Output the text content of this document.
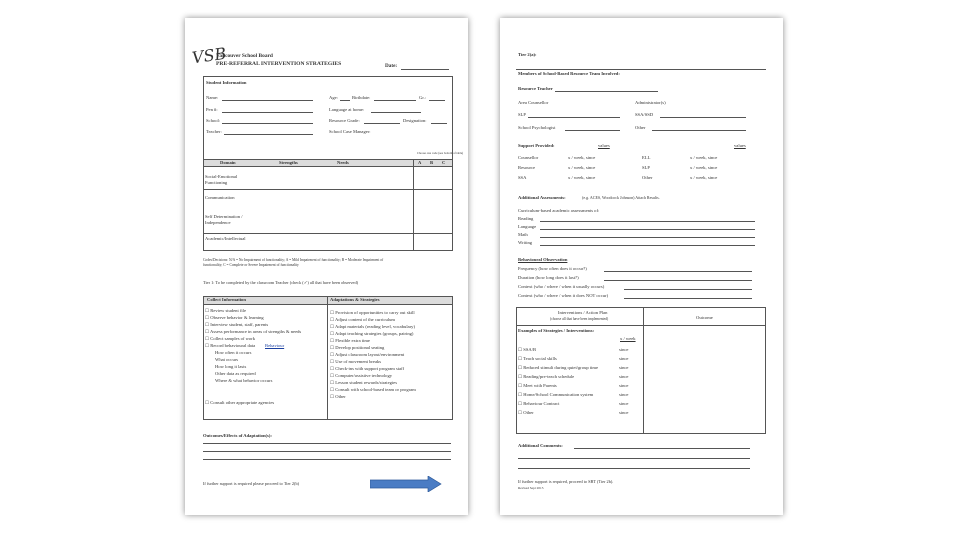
VSB
Vancouver School Board
PRE-REFERRAL INTERVENTION STRATEGIES	Date:
Student Information
Name:	Age:	Birthdate:	Gr.:
Pen #:	Language at home:
School:	Resource Grade:	Designation:
Teacher:	School Case Manager:
Choose one code (see bottom of table)
Domain	Strengths	Needs	A B C
Social-Emotional Functioning
Communication
Self Determination / Independence
Academic/Intellectual
Codes/Decisions: N/A = No Impairment of functionality; A = Mild Impairment of functionality; B = Moderate Impairment of
functionality; C = Complete or Severe Impairment of functionality
Tier 1: To be completed by the classroom Teacher (check (✓) all that have been observed)
Collect Information	Adaptations & Strategies
☐ Review student file
☐ Observe behavior & learning
☐ Interview student, staff, parents
☐ Assess performance in areas of strengths & needs
☐ Collect samples of work
☐ Record behavioural data Behaviour
How often it occurs
What occurs
How long it lasts
Other data as required
Where & what behavior occurs
☐ Consult other appropriate agencies
☐ Provision of opportunities to carry out skill
☐ Adjust content of the curriculum
☐ Adapt materials (reading level, vocabulary)
☐ Adapt teaching strategies (groups, pairing)
☐ Flexible extra time
☐ Develop positional seating
☐ Adjust classroom layout/environment
☐ Use of movement breaks
☐ Check-ins with support program staff
☐ Computer/assistive technology
☐ Lesson student rewards/strategies
☐ Consult with school-based team or program
☐ Other
Outcomes/Effects of Adaptation(s):
If further support is required please proceed to Tier 2(b)
Tier 2(a):
Members of School-Based Resource Team Involved:
Resource Teacher
Area Counsellor	Administrator(s)
SLP	SSA/SSD
School Psychologist	Other
Support Provided:	values	values
Counsellor	x / week, since	ELL	x / week, since
Resource	x / week, since	SLP	x / week, since
SSA	x / week, since	Other	x / week, since
Additional Assessments:	(e.g. ACES, Woodcock Johnson) Attach Results.
Curriculum-based academic assessments of:
Reading
Language
Math
Writing
Behavioural Observation
Frequency (how often does it occur?)
Duration (how long does it last?)
Context (who / where / when it usually occurs)
Context (who / where / when it does NOT occur)
Interventions / Action Plan
(choose all that have been implemented)	Outcome
Examples of Strategies / Interventions:
x / week
☐ SSA/B	since
☐ Teach social skills	since
☐ Reduced stimuli during quiet/group time	since
☐ Reading/pre-teach schedule	since
☐ Meet with Parents	since
☐ Home/School Communication system	since
☐ Behaviour Contract	since
☐ Other	since
Additional Comments:
If further support is required, proceed to SBT (Tier 2b).
Revised Sept 2015
